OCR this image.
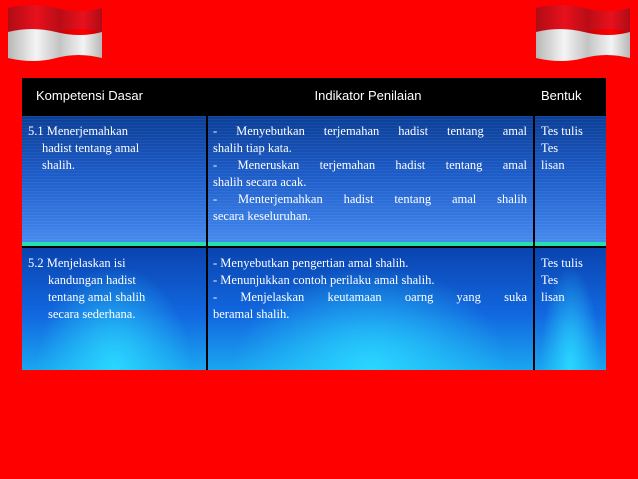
Kompetensi Dasar	Indikator Penilaian	Bentuk
5.1 Menerjemahkan
hadist tentang amal
shalih.
- Menyebutkan terjemahan hadist tentang amal
shalih tiap kata.
- Meneruskan terjemahan hadist tentang amal
shalih secara acak.
- Menterjemahkan hadist tentang amal shalih
secara keseluruhan.
Tes tulis
Tes
lisan
5.2 Menjelaskan isi
kandungan hadist
tentang amal shalih
secara sederhana.
- Menyebutkan pengertian amal shalih.
- Menunjukkan contoh perilaku amal shalih.
- Menjelaskan keutamaan oarng yang suka
beramal shalih.
Tes tulis
Tes
lisan
